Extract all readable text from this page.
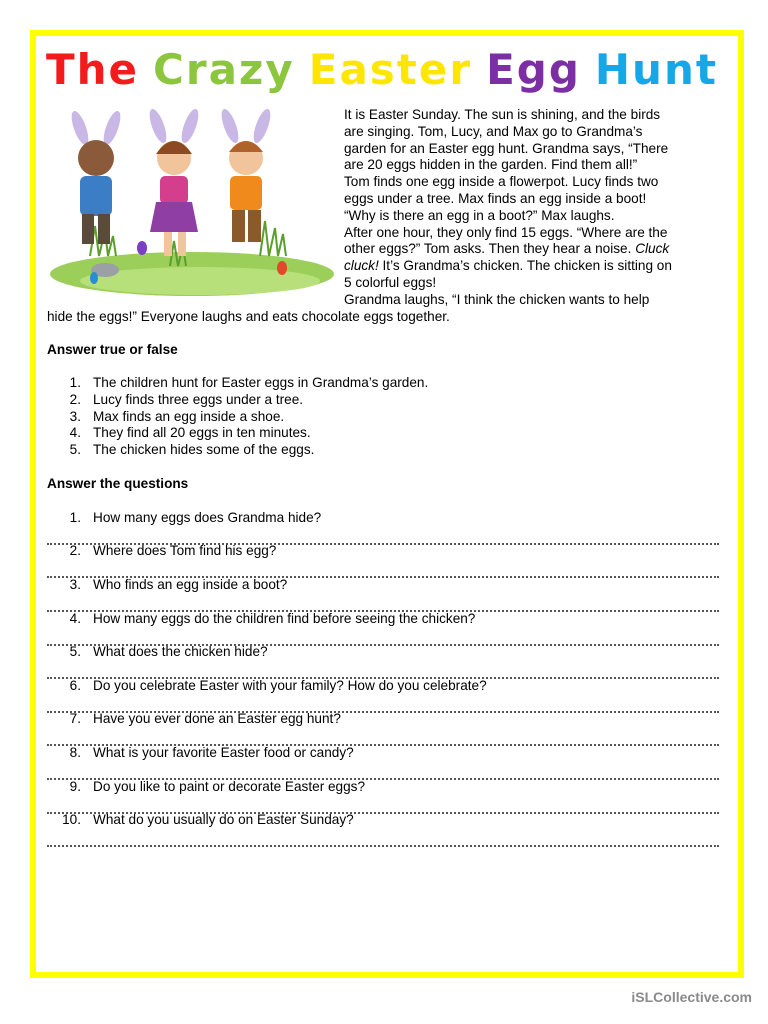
The Crazy Easter Egg Hunt

It is Easter Sunday. The sun is shining, and the birds

are singing. Tom, Lucy, and Max go to Grandma’s

garden for an Easter egg hunt. Grandma says, “There

are 20 eggs hidden in the garden. Find them all!”

Tom finds one egg inside a flowerpot. Lucy finds two

eggs under a tree. Max finds an egg inside a boot!

“Why is there an egg in a boot?” Max laughs.

After one hour, they only find 15 eggs. “Where are the

other eggs?” Tom asks. Then they hear a noise. Cluck

cluck! It’s Grandma’s chicken. The chicken is sitting on

5 colorful eggs!

Grandma laughs, “I think the chicken wants to help

hide the eggs!” Everyone laughs and eats chocolate eggs together.

Answer true or false
1. The children hunt for Easter eggs in Grandma’s garden.
2. Lucy finds three eggs under a tree.
3. Max finds an egg inside a shoe.
4. They find all 20 eggs in ten minutes.
5. The chicken hides some of the eggs.
Answer the questions
1. How many eggs does Grandma hide?
2. Where does Tom find his egg?
3. Who finds an egg inside a boot?
4. How many eggs do the children find before seeing the chicken?
5. What does the chicken hide?
6. Do you celebrate Easter with your family? How do you celebrate?
7. Have you ever done an Easter egg hunt?
8. What is your favorite Easter food or candy?
9. Do you like to paint or decorate Easter eggs?
10. What do you usually do on Easter Sunday?
iSLCollective.com
